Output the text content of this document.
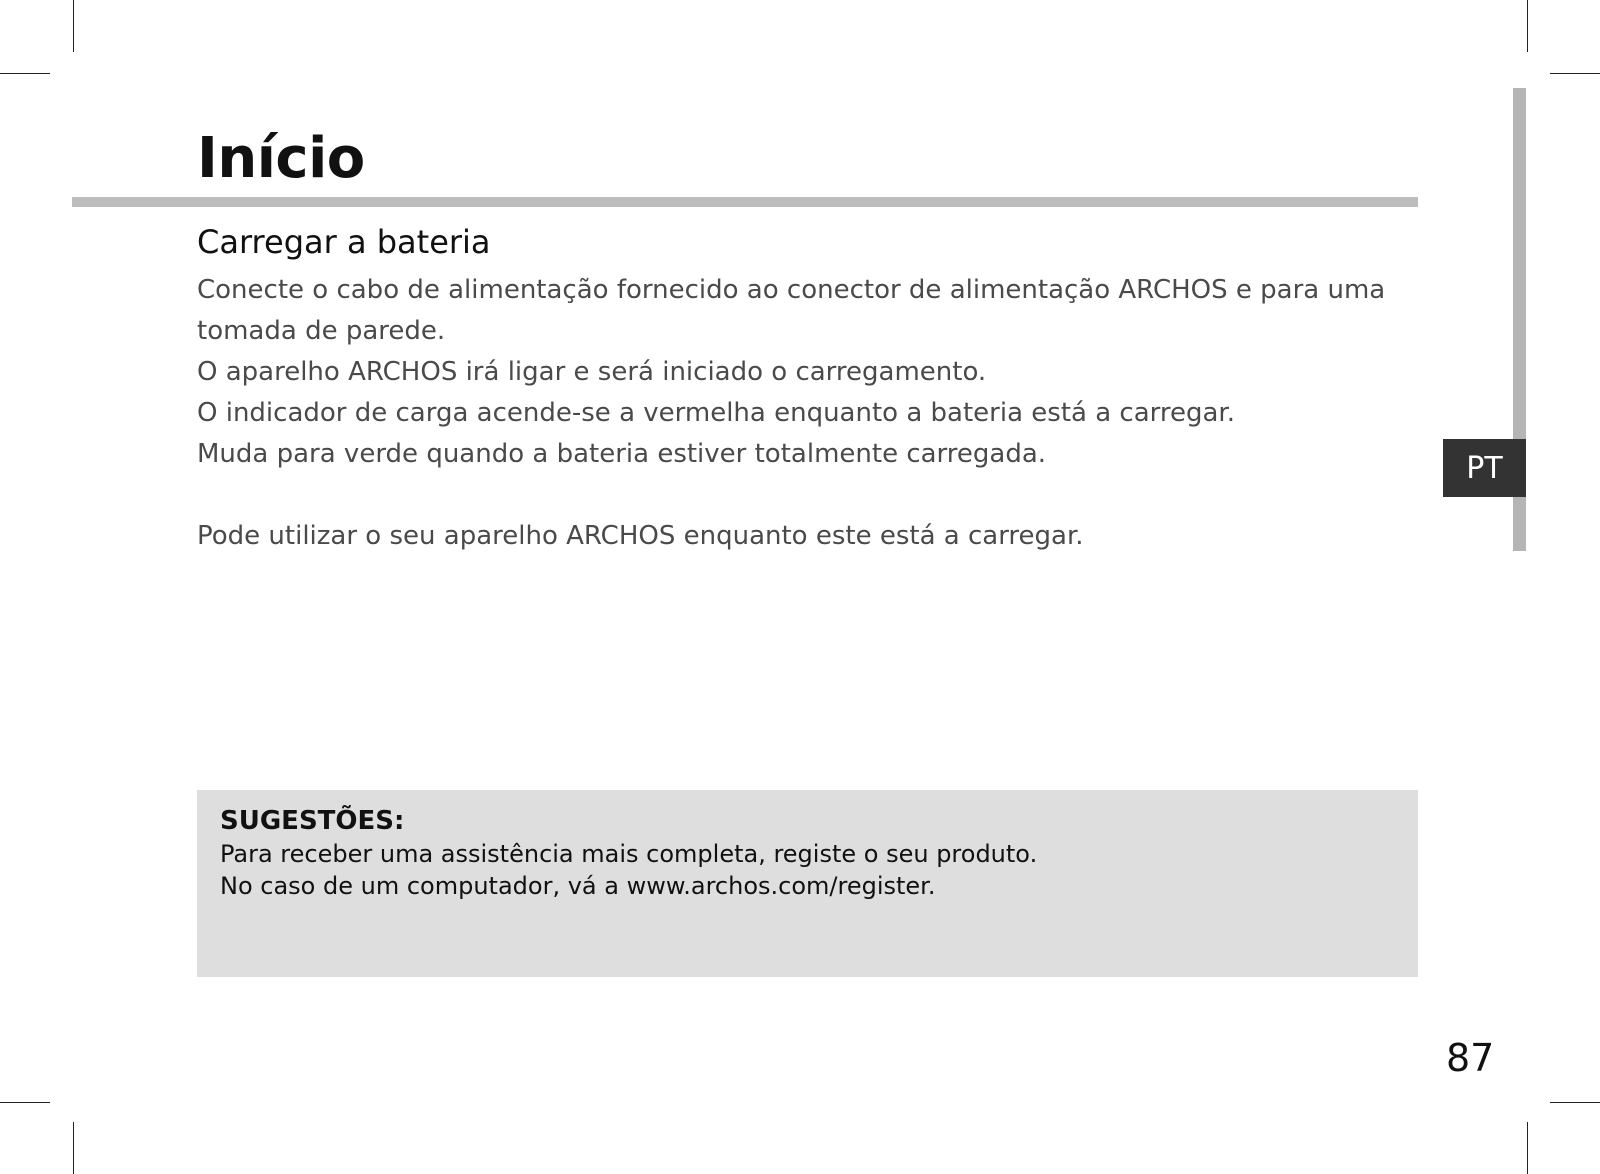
Início
Carregar a bateria

Conecte o cabo de alimentação fornecido ao conector de alimentação ARCHOS e para uma tomada de parede.

O aparelho ARCHOS irá ligar e será iniciado o carregamento.

O indicador de carga acende-se a vermelha enquanto a bateria está a carregar.

Muda para verde quando a bateria estiver totalmente carregada.

Pode utilizar o seu aparelho ARCHOS enquanto este está a carregar.

PT

SUGESTÕES:

Para receber uma assistência mais completa, registe o seu produto.

No caso de um computador, vá a www.archos.com/register.

87
